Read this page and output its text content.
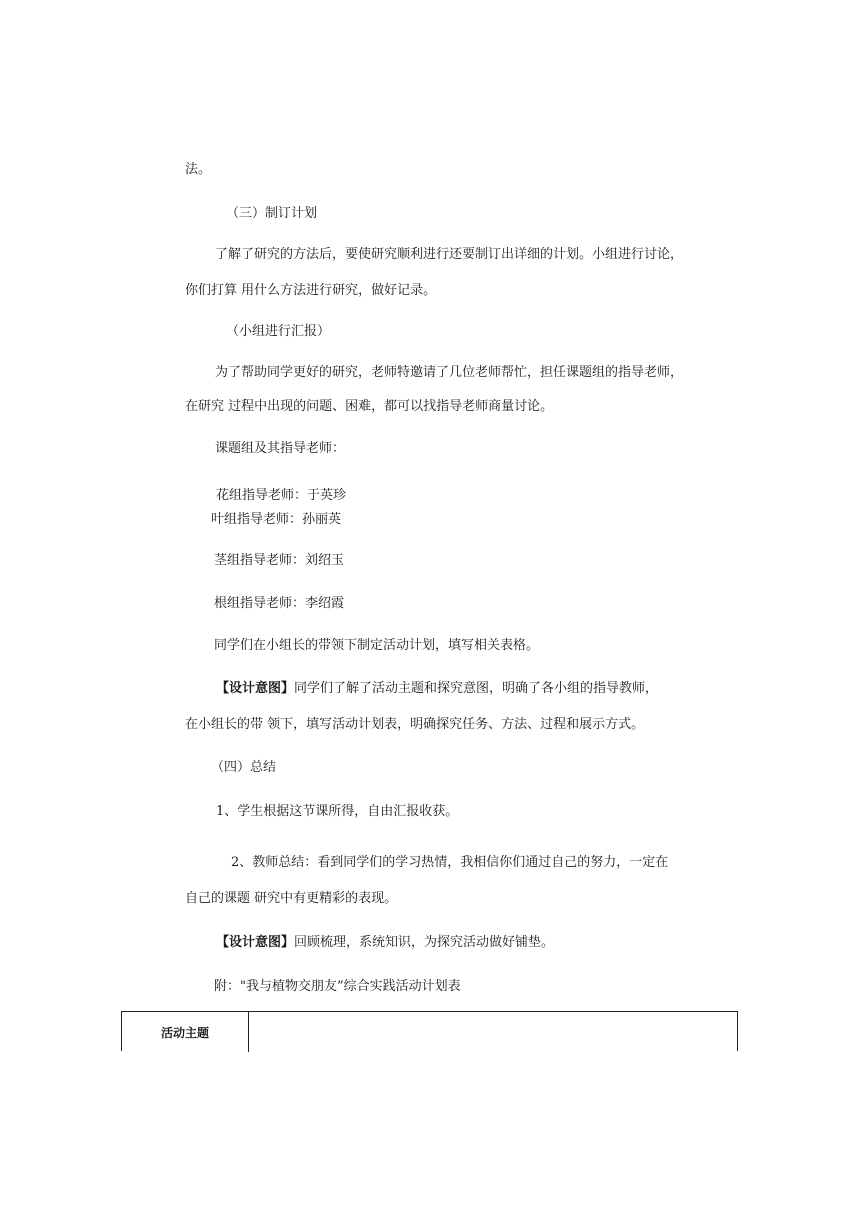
法。

（三）制订计划

了解了研究的方法后，要使研究顺利进行还要制订出详细的计划。小组进行讨论，

你们打算 用什么方法进行研究，做好记录。

（小组进行汇报）

为了帮助同学更好的研究，老师特邀请了几位老师帮忙，担任课题组的指导老师，

在研究 过程中出现的问题、困难，都可以找指导老师商量讨论。

课题组及其指导老师：

花组指导老师：于英珍

叶组指导老师：孙丽英

茎组指导老师：刘绍玉

根组指导老师：李绍霞

同学们在小组长的带领下制定活动计划，填写相关表格。

【设计意图】同学们了解了活动主题和探究意图，明确了各小组的指导教师，

在小组长的带 领下，填写活动计划表，明确探究任务、方法、过程和展示方式。

（四）总结

1、学生根据这节课所得，自由汇报收获。

2、教师总结：看到同学们的学习热情，我相信你们通过自己的努力，一定在

自己的课题 研究中有更精彩的表现。

【设计意图】回顾梳理，系统知识，为探究活动做好铺垫。

附："我与植物交朋友”综合实践活动计划表

活动主题
